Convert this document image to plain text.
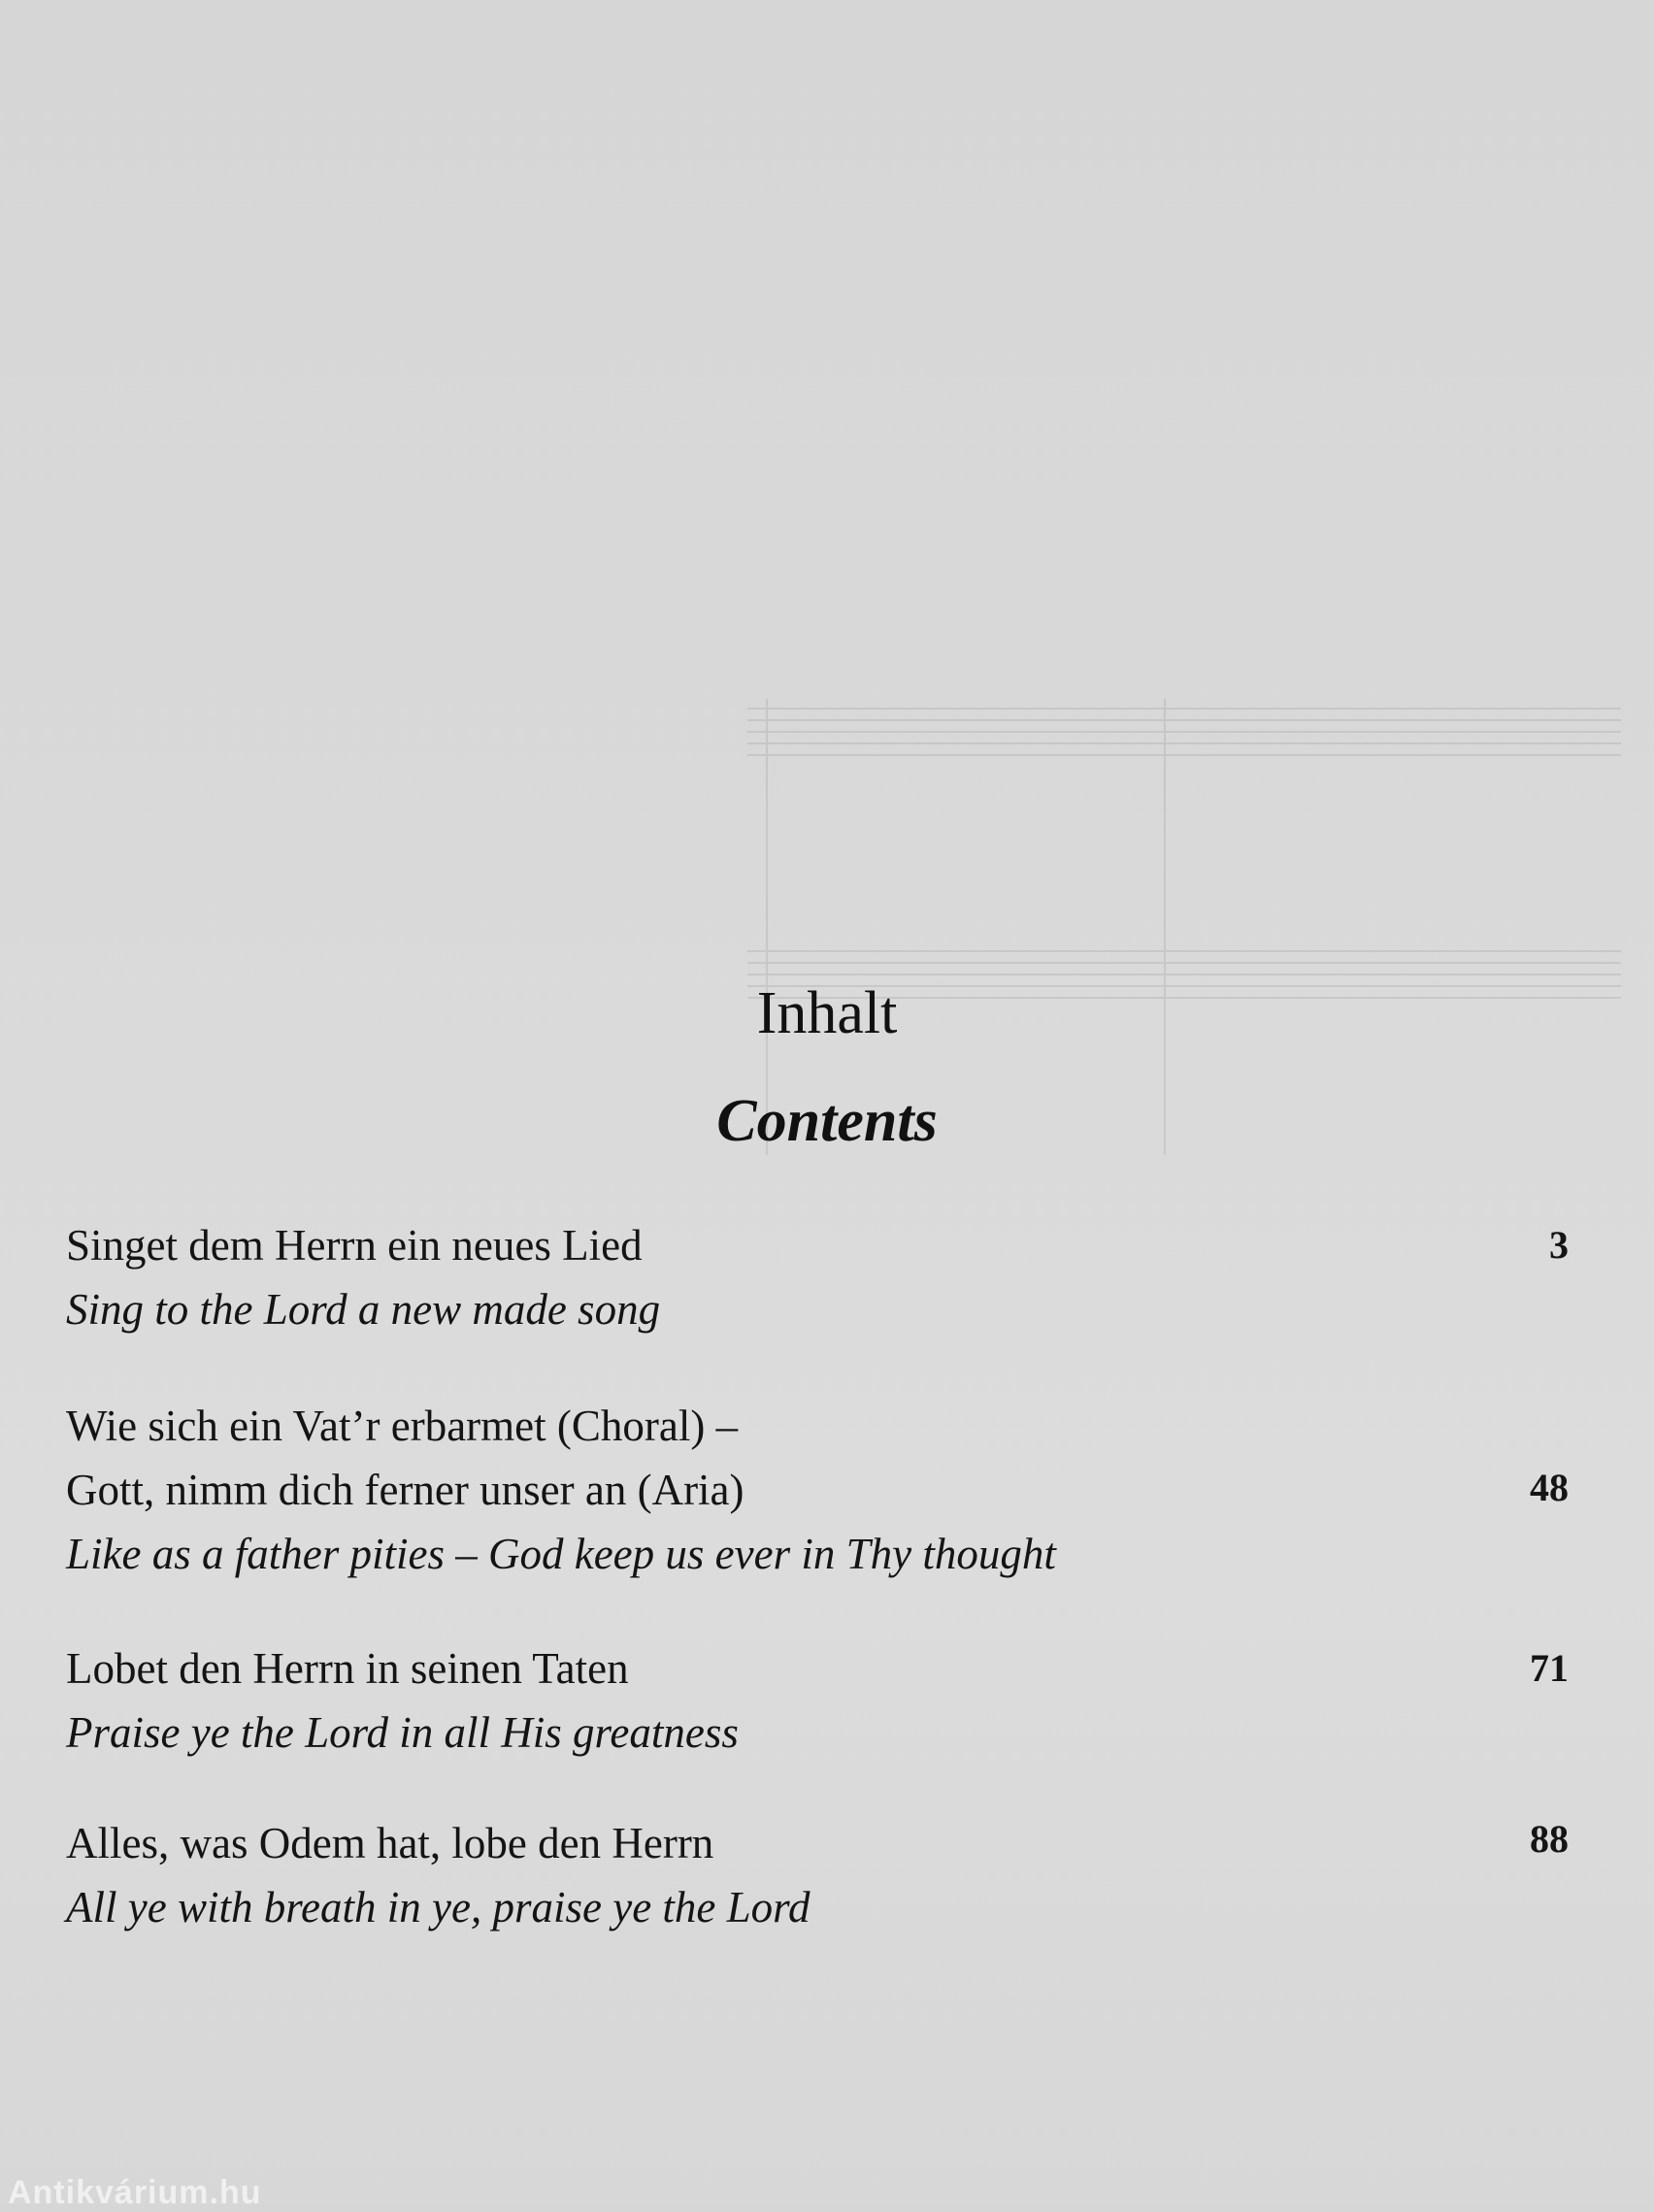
Inhalt
Contents
Singet dem Herrn ein neues Lied
Sing to the Lord a new made song
3
Wie sich ein Vat’r erbarmet (Choral) –
Gott, nimm dich ferner unser an (Aria)
Like as a father pities – God keep us ever in Thy thought
48
Lobet den Herrn in seinen Taten
Praise ye the Lord in all His greatness
71
Alles, was Odem hat, lobe den Herrn
All ye with breath in ye, praise ye the Lord
88
Antikvárium.hu
